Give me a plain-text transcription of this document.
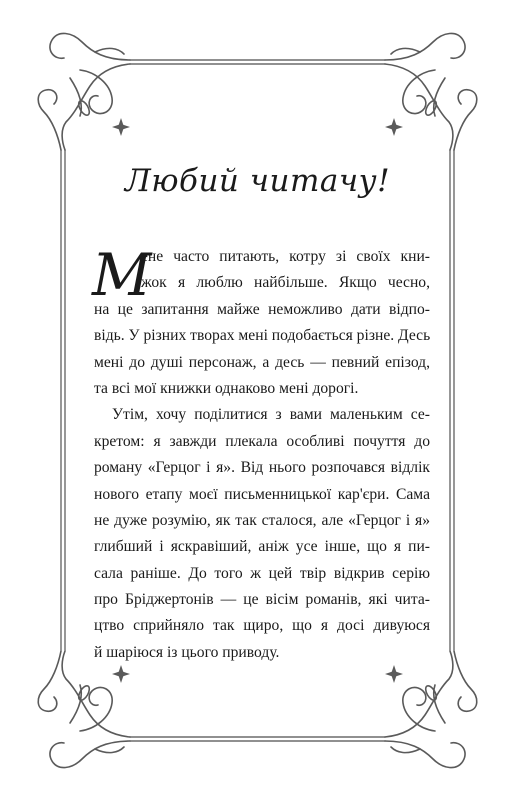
Любий читачу!
М
ене часто питають, котру зі своїх кни-
жок я люблю найбільше. Якщо чесно,
на це запитання майже неможливо дати відпо-
відь. У різних творах мені подобається різне. Десь
мені до душі персонаж, а десь — певний епізод,
та всі мої книжки однаково мені дорогі.
Утім, хочу поділитися з вами маленьким се-
кретом: я завжди плекала особливі почуття до
роману «Герцог і я». Від нього розпочався відлік
нового етапу моєї письменницької кар'єри. Сама
не дуже розумію, як так сталося, але «Герцог і я»
глибший і яскравіший, аніж усе інше, що я пи-
сала раніше. До того ж цей твір відкрив серію
про Бріджертонів — це вісім романів, які чита-
цтво сприйняло так щиро, що я досі дивуюся
й шаріюся із цього приводу.
